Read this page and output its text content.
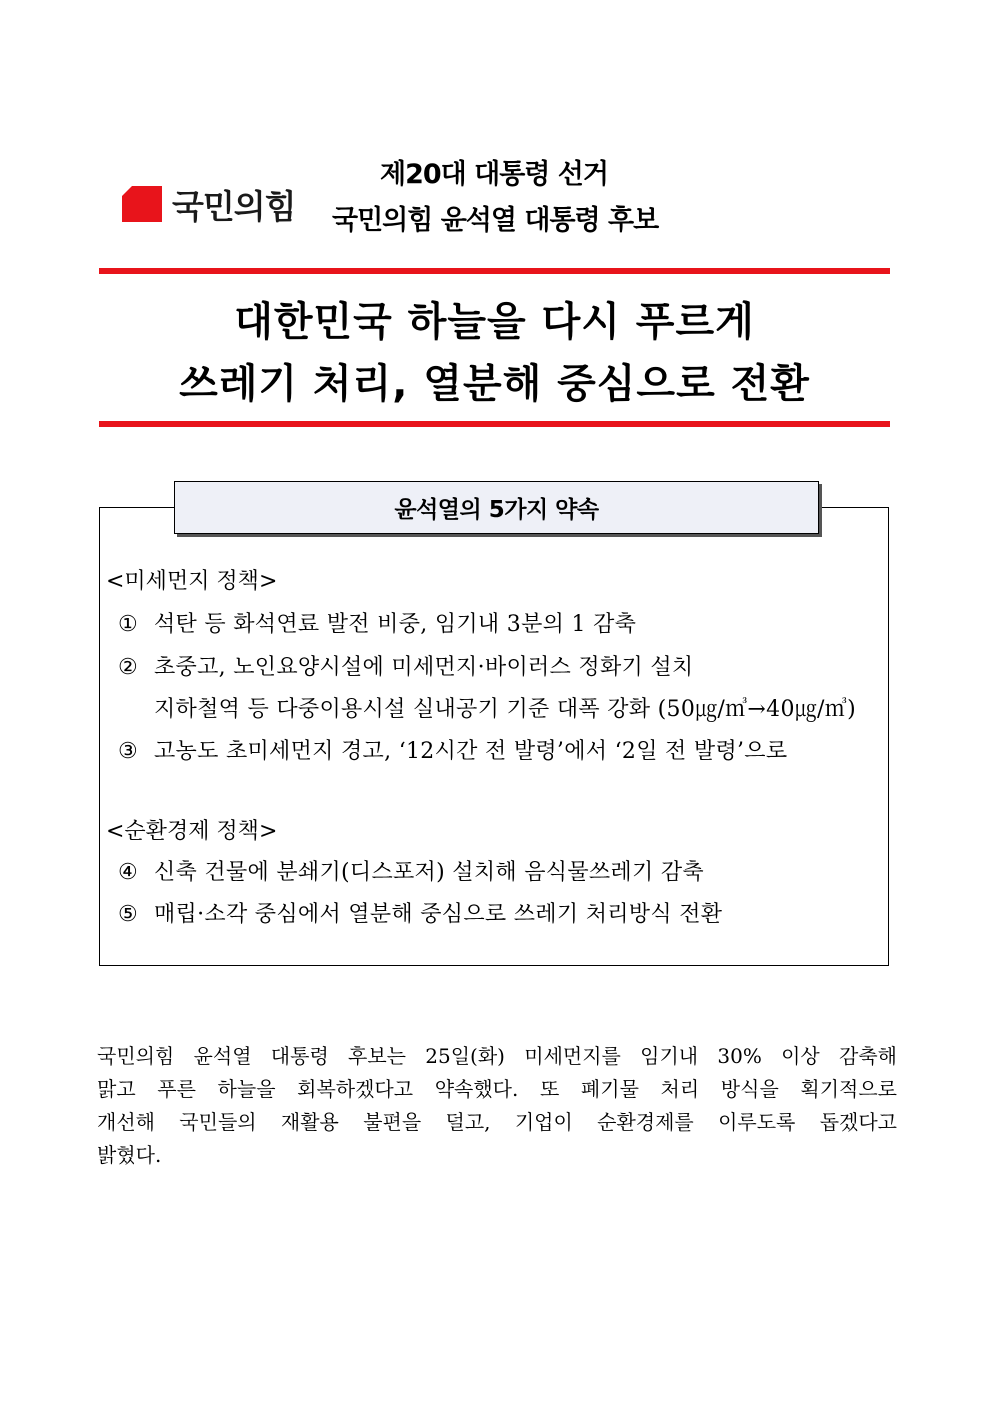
국민의힘
제20대 대통령 선거
국민의힘 윤석열 대통령 후보
대한민국 하늘을 다시 푸르게
쓰레기 처리, 열분해 중심으로 전환
윤석열의 5가지 약속
<미세먼지 정책>
① 석탄 등 화석연료 발전 비중, 임기내 3분의 1 감축
② 초중고, 노인요양시설에 미세먼지·바이러스 정화기 설치
지하철역 등 다중이용시설 실내공기 기준 대폭 강화 (50㎍/㎥→40㎍/㎥)
③ 고농도 초미세먼지 경고, ‘12시간 전 발령’에서 ‘2일 전 발령’으로
<순환경제 정책>
④ 신축 건물에 분쇄기(디스포저) 설치해 음식물쓰레기 감축
⑤ 매립·소각 중심에서 열분해 중심으로 쓰레기 처리방식 전환
국민의힘 윤석열 대통령 후보는 25일(화) 미세먼지를 임기내 30% 이상 감축해
맑고 푸른 하늘을 회복하겠다고 약속했다. 또 폐기물 처리 방식을 획기적으로
개선해 국민들의 재활용 불편을 덜고, 기업이 순환경제를 이루도록 돕겠다고
밝혔다.
